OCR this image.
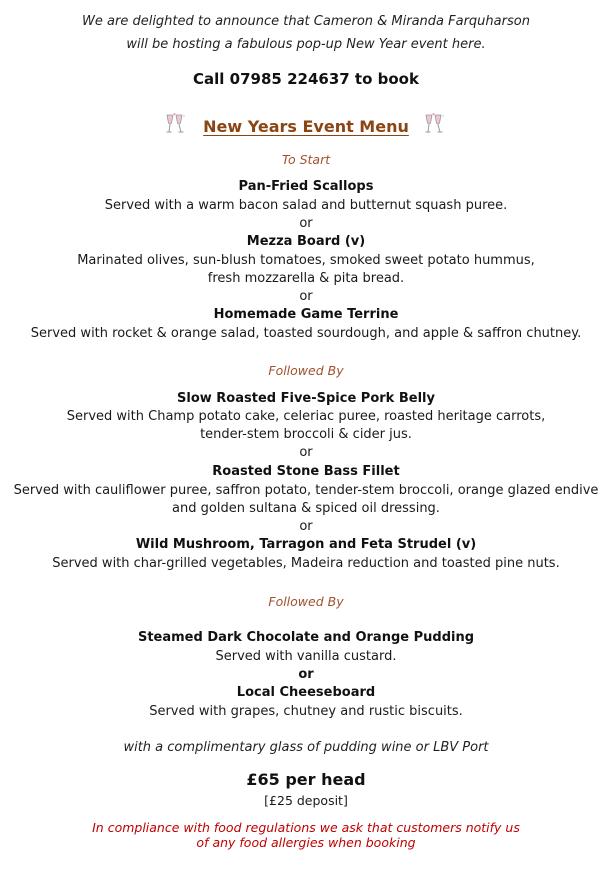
We are delighted to announce that Cameron & Miranda Farquharson
will be hosting a fabulous pop-up New Year event here.
Call 07985 224637 to book
New Years Event Menu
To Start
Pan-Fried Scallops
Served with a warm bacon salad and butternut squash puree.
or
Mezza Board (v)
Marinated olives, sun-blush tomatoes, smoked sweet potato hummus,
fresh mozzarella & pita bread.
or
Homemade Game Terrine
Served with rocket & orange salad, toasted sourdough, and apple & saffron chutney.
Followed By
Slow Roasted Five-Spice Pork Belly
Served with Champ potato cake, celeriac puree, roasted heritage carrots,
tender-stem broccoli & cider jus.
or
Roasted Stone Bass Fillet
Served with cauliflower puree, saffron potato, tender-stem broccoli, orange glazed endive
and golden sultana & spiced oil dressing.
or
Wild Mushroom, Tarragon and Feta Strudel (v)
Served with char-grilled vegetables, Madeira reduction and toasted pine nuts.
Followed By
Steamed Dark Chocolate and Orange Pudding
Served with vanilla custard.
or
Local Cheeseboard
Served with grapes, chutney and rustic biscuits.
with a complimentary glass of pudding wine or LBV Port
£65 per head
[£25 deposit]
In compliance with food regulations we ask that customers notify us
of any food allergies when booking
